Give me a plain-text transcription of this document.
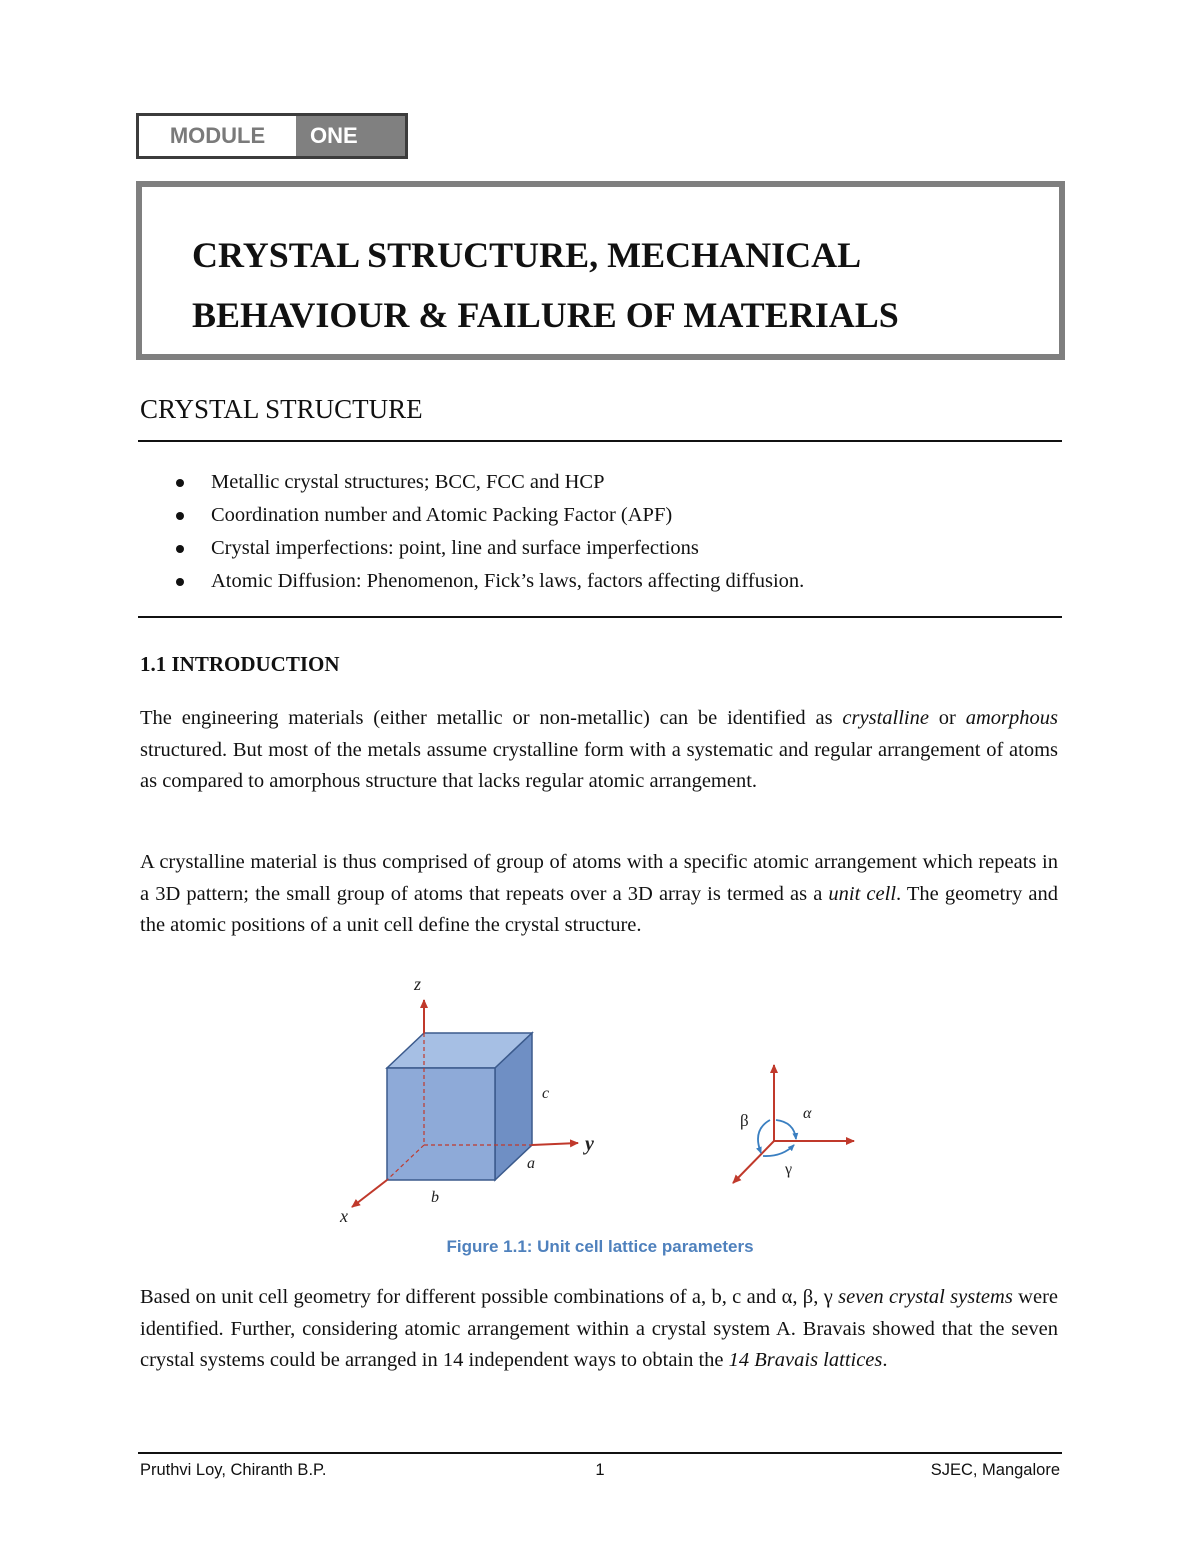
MODULE	ONE
CRYSTAL STRUCTURE, MECHANICAL
BEHAVIOUR & FAILURE OF MATERIALS
CRYSTAL STRUCTURE
Metallic crystal structures; BCC, FCC and HCP
Coordination number and Atomic Packing Factor (APF)
Crystal imperfections: point, line and surface imperfections
Atomic Diffusion: Phenomenon, Fick’s laws, factors affecting diffusion.
1.1 INTRODUCTION

The engineering materials (either metallic or non-metallic) can be identified as crystalline or amorphous structured. But most of the metals assume crystalline form with a systematic and regular arrangement of atoms as compared to amorphous structure that lacks regular atomic arrangement.

A crystalline material is thus comprised of group of atoms with a specific atomic arrangement which repeats in a 3D pattern; the small group of atoms that repeats over a 3D array is termed as a unit cell. The geometry and the atomic positions of a unit cell define the crystal structure.

z
y
x
c
a
b
α
β
γ
Figure 1.1: Unit cell lattice parameters

Based on unit cell geometry for different possible combinations of a, b, c and α, β, γ seven crystal systems were identified. Further, considering atomic arrangement within a crystal system A. Bravais showed that the seven crystal systems could be arranged in 14 independent ways to obtain the 14 Bravais lattices.

Pruthvi Loy, Chiranth B.P.	1	SJEC, Mangalore
